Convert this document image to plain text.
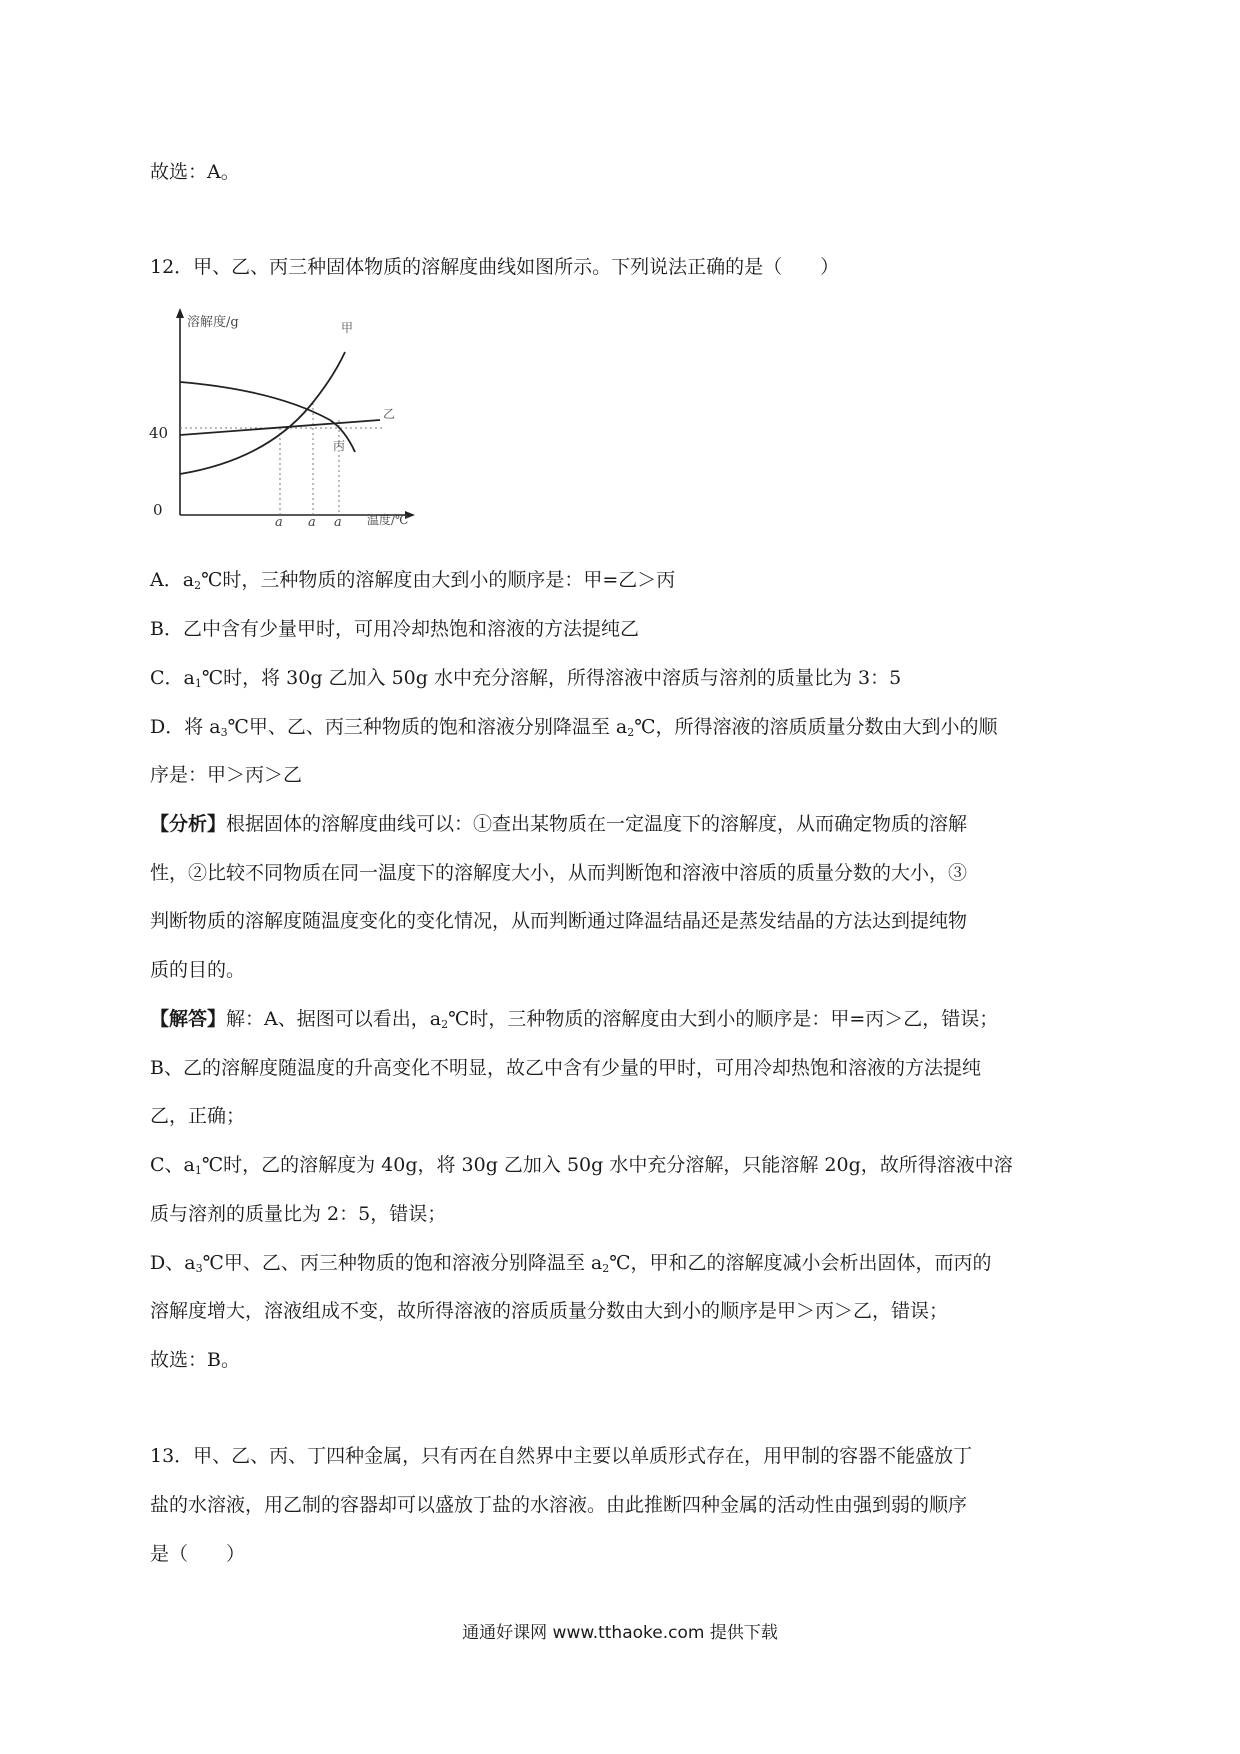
故选：A。
12．甲、乙、丙三种固体物质的溶解度曲线如图所示。下列说法正确的是（　　）
溶解度/g
温度/℃
40
0
a a a
甲
乙
丙
A．$a_2℃$时，三种物质的溶解度由大到小的顺序是：甲=乙＞丙
B．乙中含有少量甲时，可用冷却热饱和溶液的方法提纯乙
C．$a_1℃$时，将 30g 乙加入 50g 水中充分溶解，所得溶液中溶质与溶剂的质量比为 3：5
D．将 $a_3℃$甲、乙、丙三种物质的饱和溶液分别降温至 $a_2℃$，所得溶液的溶质质量分数由大到小的顺
序是：甲＞丙＞乙
【分析】根据固体的溶解度曲线可以：①查出某物质在一定温度下的溶解度，从而确定物质的溶解
性，②比较不同物质在同一温度下的溶解度大小，从而判断饱和溶液中溶质的质量分数的大小，③
判断物质的溶解度随温度变化的变化情况，从而判断通过降温结晶还是蒸发结晶的方法达到提纯物
质的目的。
【解答】解：A、据图可以看出，$a_2℃$时，三种物质的溶解度由大到小的顺序是：甲=丙＞乙，错误；
B、乙的溶解度随温度的升高变化不明显，故乙中含有少量的甲时，可用冷却热饱和溶液的方法提纯
乙，正确；
C、$a_1℃$时，乙的溶解度为 40g，将 30g 乙加入 50g 水中充分溶解，只能溶解 20g，故所得溶液中溶
质与溶剂的质量比为 2：5，错误；
D、$a_3℃$甲、乙、丙三种物质的饱和溶液分别降温至 $a_2℃$，甲和乙的溶解度减小会析出固体，而丙的
溶解度增大，溶液组成不变，故所得溶液的溶质质量分数由大到小的顺序是甲＞丙＞乙，错误；
故选：B。
13．甲、乙、丙、丁四种金属，只有丙在自然界中主要以单质形式存在，用甲制的容器不能盛放丁
盐的水溶液，用乙制的容器却可以盛放丁盐的水溶液。由此推断四种金属的活动性由强到弱的顺序
是（　　）
通通好课网 www.tthaoke.com 提供下载
